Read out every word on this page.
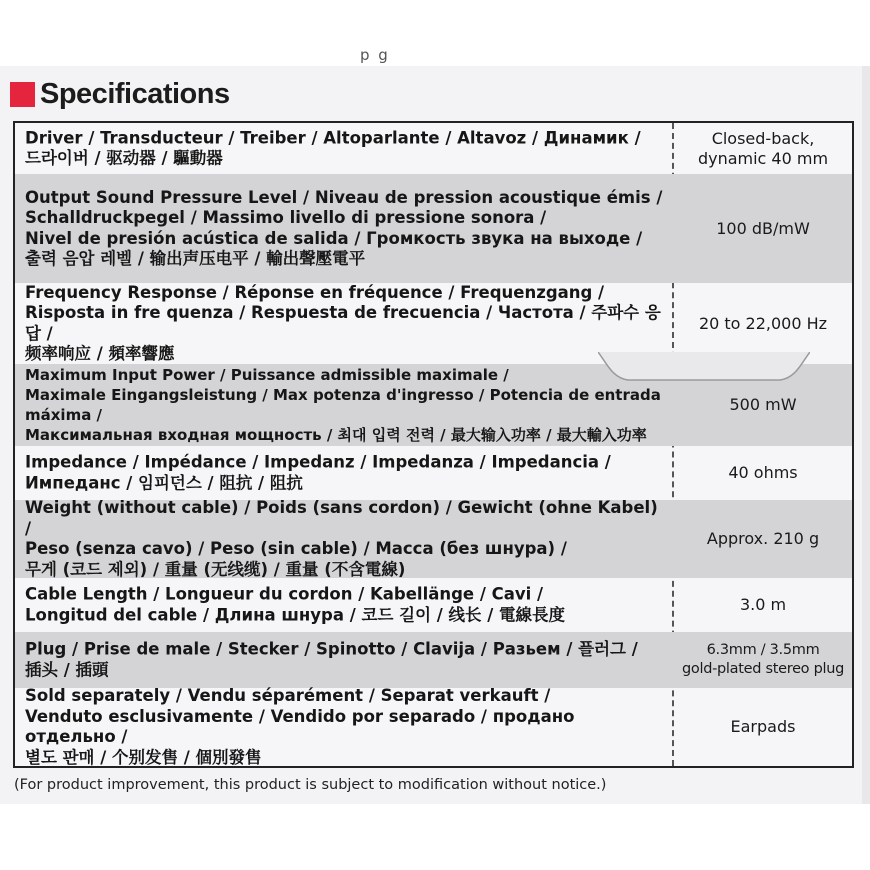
p g
Specifications
Driver / Transducteur / Treiber / Altoparlante / Altavoz / Динамик /
드라이버 / 驱动器 / 驅動器
Closed-back,
dynamic 40 mm
Output Sound Pressure Level / Niveau de pression acoustique émis /
Schalldruckpegel / Massimo livello di pressione sonora /
Nivel de presión acústica de salida / Громкость звука на выходе /
출력 음압 레벨 / 输出声压电平 / 輸出聲壓電平
100 dB/mW
Frequency Response / Réponse en fréquence / Frequenzgang /
Risposta in fre quenza / Respuesta de frecuencia / Частота / 주파수 응답 /
频率响应 / 頻率響應
20 to 22,000 Hz
Maximum Input Power / Puissance admissible maximale /
Maximale Eingangsleistung / Max potenza d'ingresso / Potencia de entrada máxima /
Максимальная входная мощность / 최대 입력 전력 / 最大输入功率 / 最大輸入功率
500 mW
Impedance / Impédance / Impedanz / Impedanza / Impedancia /
Импеданс / 임피던스 / 阻抗 / 阻抗
40 ohms
Weight (without cable) / Poids (sans cordon) / Gewicht (ohne Kabel) /
Peso (senza cavo) / Peso (sin cable) / Масса (без шнура) /
무게 (코드 제외) / 重量 (无线缆) / 重量 (不含電線)
Approx. 210 g
Cable Length / Longueur du cordon / Kabellänge / Cavi /
Longitud del cable / Длина шнура / 코드 길이 / 线长 / 電線長度
3.0 m
Plug / Prise de male / Stecker / Spinotto / Clavija / Разьем / 플러그 /
插头 / 插頭
6.3mm / 3.5mm
gold-plated stereo plug
Sold separately / Vendu séparément / Separat verkauft /
Venduto esclusivamente / Vendido por separado / продано отдельно /
별도 판매 / 个别发售 / 個別發售
Earpads
(For product improvement, this product is subject to modification without notice.)
